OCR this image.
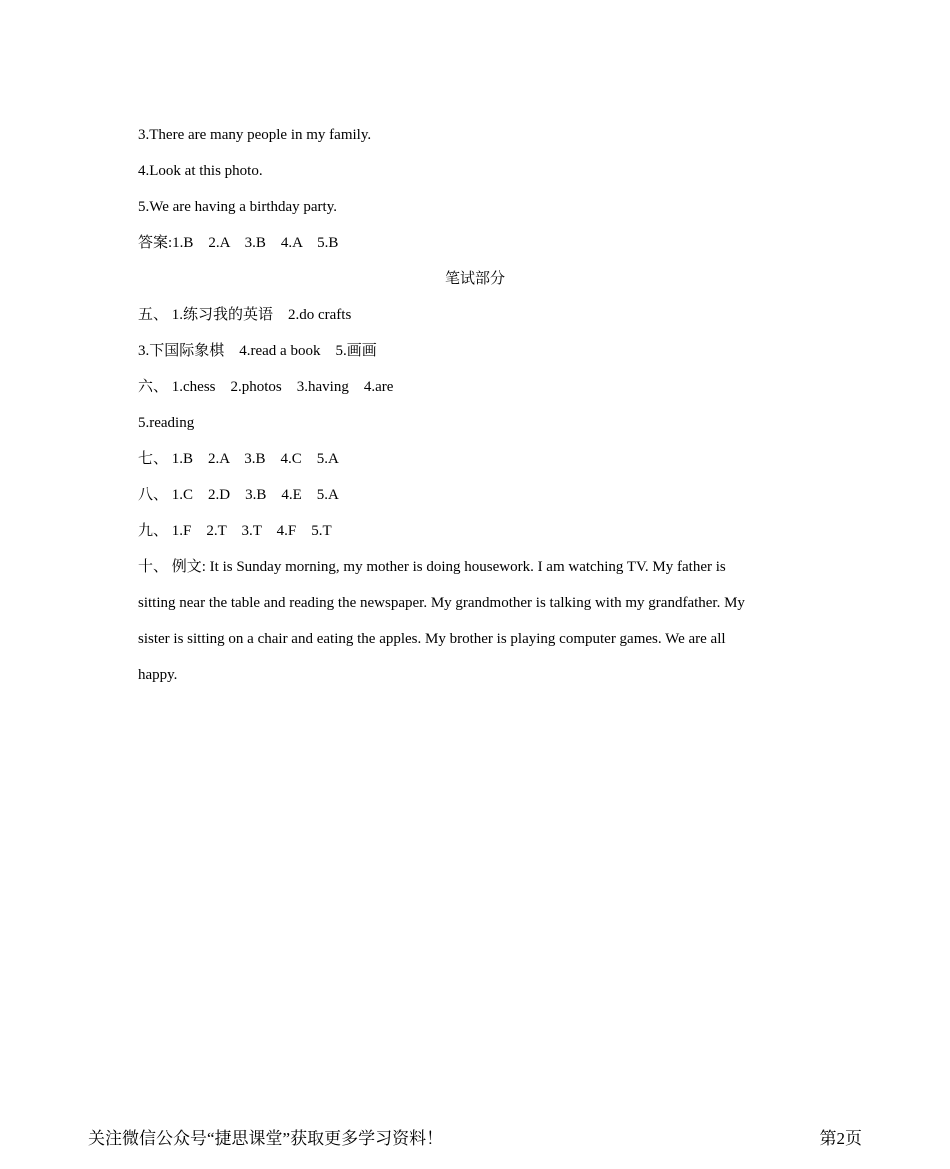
3.There are many people in my family.
4.Look at this photo.
5.We are having a birthday party.
答案:1.B    2.A    3.B    4.A    5.B
笔试部分
五、 1.练习我的英语    2.do crafts
3.下国际象棋    4.read a book    5.画画
六、 1.chess    2.photos    3.having    4.are
5.reading
七、 1.B    2.A    3.B    4.C    5.A
八、 1.C    2.D    3.B    4.E    5.A
九、 1.F    2.T    3.T    4.F    5.T
十、 例文: It is Sunday morning, my mother is doing housework. I am watching TV. My father is
sitting near the table and reading the newspaper. My grandmother is talking with my grandfather. My
sister is sitting on a chair and eating the apples. My brother is playing computer games. We are all
happy.
关注微信公众号“捷思课堂”获取更多学习资料！	第2页
